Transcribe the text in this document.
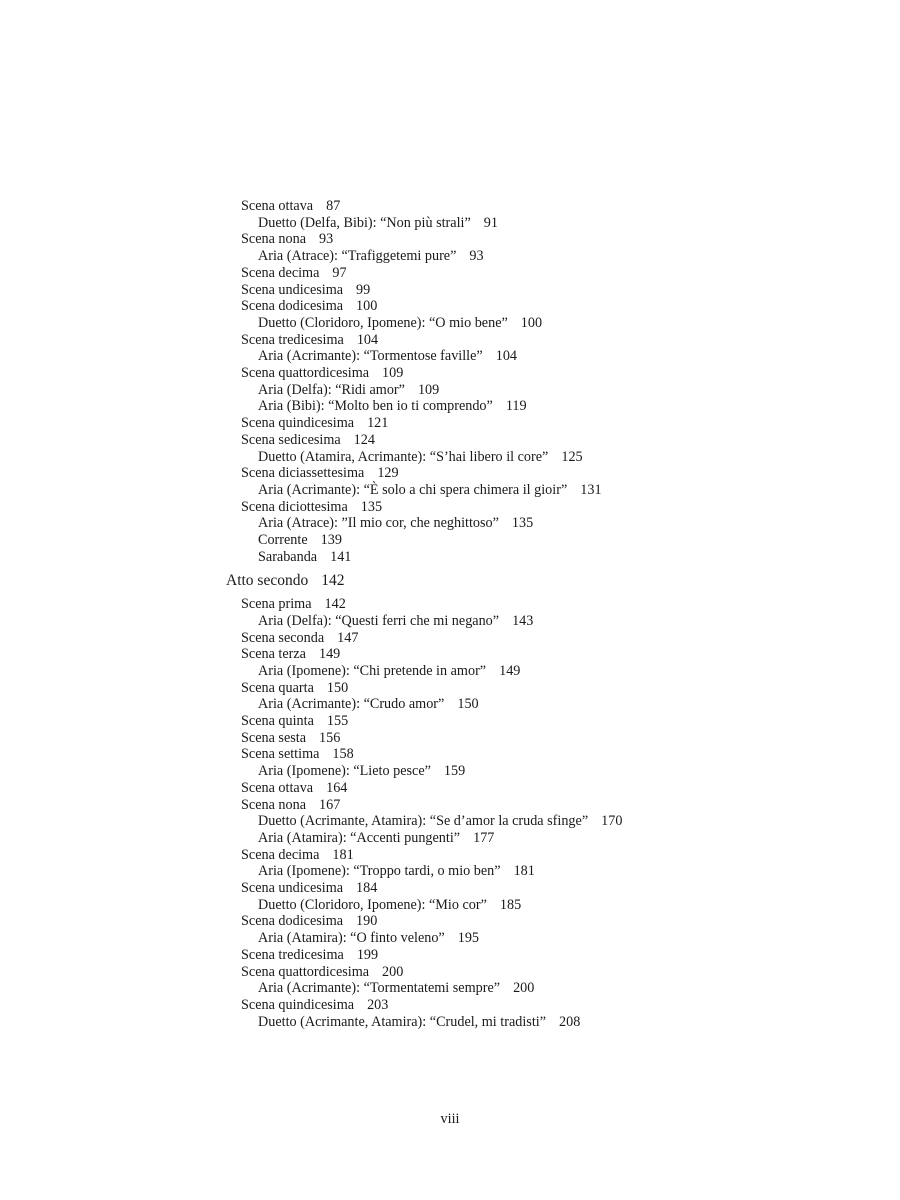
Scena ottava 87
Duetto (Delfa, Bibi): “Non più strali” 91
Scena nona 93
Aria (Atrace): “Trafiggetemi pure” 93
Scena decima 97
Scena undicesima 99
Scena dodicesima 100
Duetto (Cloridoro, Ipomene): “O mio bene” 100
Scena tredicesima 104
Aria (Acrimante): “Tormentose faville” 104
Scena quattordicesima 109
Aria (Delfa): “Ridi amor” 109
Aria (Bibi): “Molto ben io ti comprendo” 119
Scena quindicesima 121
Scena sedicesima 124
Duetto (Atamira, Acrimante): “S’hai libero il core” 125
Scena diciassettesima 129
Aria (Acrimante): “È solo a chi spera chimera il gioir” 131
Scena diciottesima 135
Aria (Atrace): ”Il mio cor, che neghittoso” 135
Corrente 139
Sarabanda 141
Atto secondo 142
Scena prima 142
Aria (Delfa): “Questi ferri che mi negano” 143
Scena seconda 147
Scena terza 149
Aria (Ipomene): “Chi pretende in amor” 149
Scena quarta 150
Aria (Acrimante): “Crudo amor” 150
Scena quinta 155
Scena sesta 156
Scena settima 158
Aria (Ipomene): “Lieto pesce” 159
Scena ottava 164
Scena nona 167
Duetto (Acrimante, Atamira): “Se d’amor la cruda sfinge” 170
Aria (Atamira): “Accenti pungenti” 177
Scena decima 181
Aria (Ipomene): “Troppo tardi, o mio ben” 181
Scena undicesima 184
Duetto (Cloridoro, Ipomene): “Mio cor” 185
Scena dodicesima 190
Aria (Atamira): “O finto veleno” 195
Scena tredicesima 199
Scena quattordicesima 200
Aria (Acrimante): “Tormentatemi sempre” 200
Scena quindicesima 203
Duetto (Acrimante, Atamira): “Crudel, mi tradisti” 208
viii
